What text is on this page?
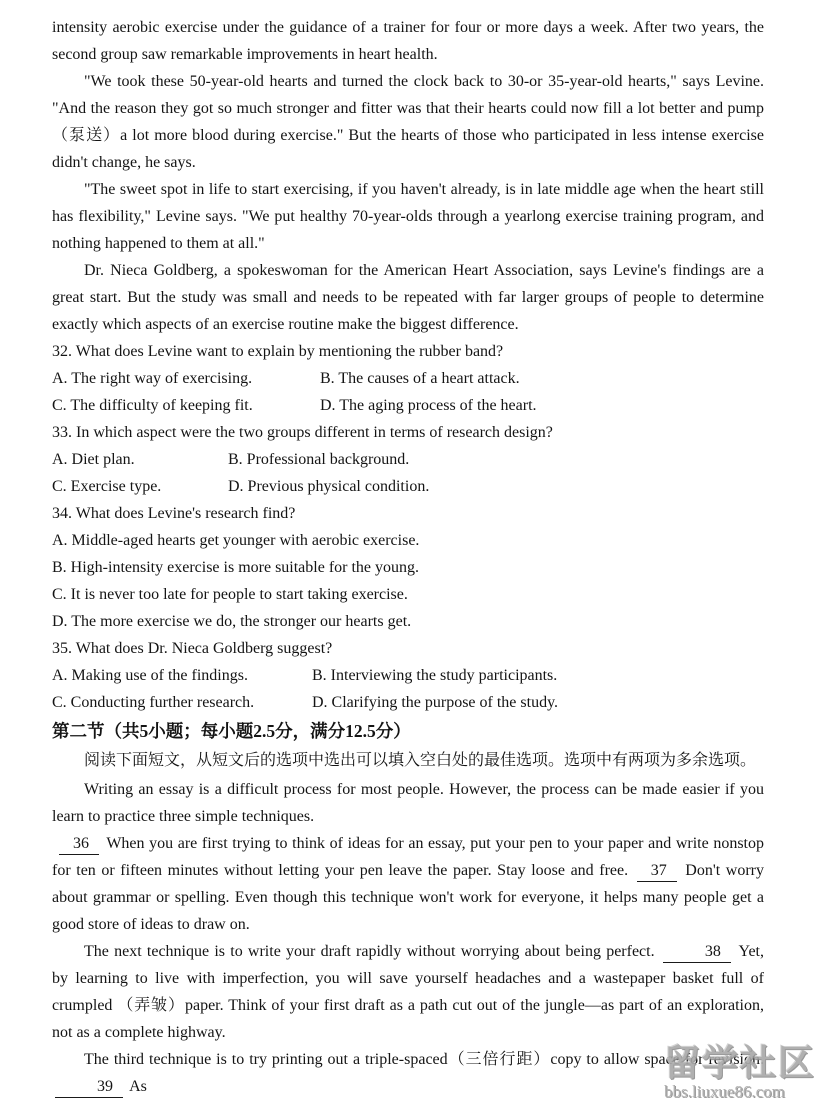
intensity aerobic exercise under the guidance of a trainer for four or more days a week. After two years, the second group saw remarkable improvements in heart health.

"We took these 50-year-old hearts and turned the clock back to 30-or 35-year-old hearts," says Levine. "And the reason they got so much stronger and fitter was that their hearts could now fill a lot better and pump （泵送）a lot more blood during exercise." But the hearts of those who participated in less intense exercise didn't change, he says.

"The sweet spot in life to start exercising, if you haven't already, is in late middle age when the heart still has flexibility," Levine says. "We put healthy 70-year-olds through a yearlong exercise training program, and nothing happened to them at all."

Dr. Nieca Goldberg, a spokeswoman for the American Heart Association, says Levine's findings are a great start. But the study was small and needs to be repeated with far larger groups of people to determine exactly which aspects of an exercise routine make the biggest difference.

32. What does Levine want to explain by mentioning the rubber band?
A. The right way of exercising.	B. The causes of a heart attack.
C. The difficulty of keeping fit.	D. The aging process of the heart.
33. In which aspect were the two groups different in terms of research design?
A. Diet plan.	B. Professional background.
C. Exercise type.	D. Previous physical condition.
34. What does Levine's research find?
A. Middle-aged hearts get younger with aerobic exercise.
B. High-intensity exercise is more suitable for the young.
C. It is never too late for people to start taking exercise.
D. The more exercise we do, the stronger our hearts get.
35. What does Dr. Nieca Goldberg suggest?
A. Making use of the findings.	B. Interviewing the study participants.
C. Conducting further research.	D. Clarifying the purpose of the study.
第二节（共5小题；每小题2.5分，满分12.5分）

阅读下面短文，从短文后的选项中选出可以填入空白处的最佳选项。选项中有两项为多余选项。

Writing an essay is a difficult process for most people. However, the process can be made easier if you learn to practice three simple techniques.

36 When you are first trying to think of ideas for an essay, put your pen to your paper and write nonstop for ten or fifteen minutes without letting your pen leave the paper. Stay loose and free. 37 Don't worry about grammar or spelling. Even though this technique won't work for everyone, it helps many people get a good store of ideas to draw on.

The next technique is to write your draft rapidly without worrying about being perfect.	38 Yet, by learning to live with imperfection, you will save yourself headaches and a wastepaper basket full of crumpled （弄皱）paper. Think of your first draft as a path cut out of the jungle—as part of an exploration, not as a complete highway.

The third technique is to try printing out a triple-spaced（三倍行距）copy to allow space for revision. 39 As

留学社区
bbs.liuxue86.com
